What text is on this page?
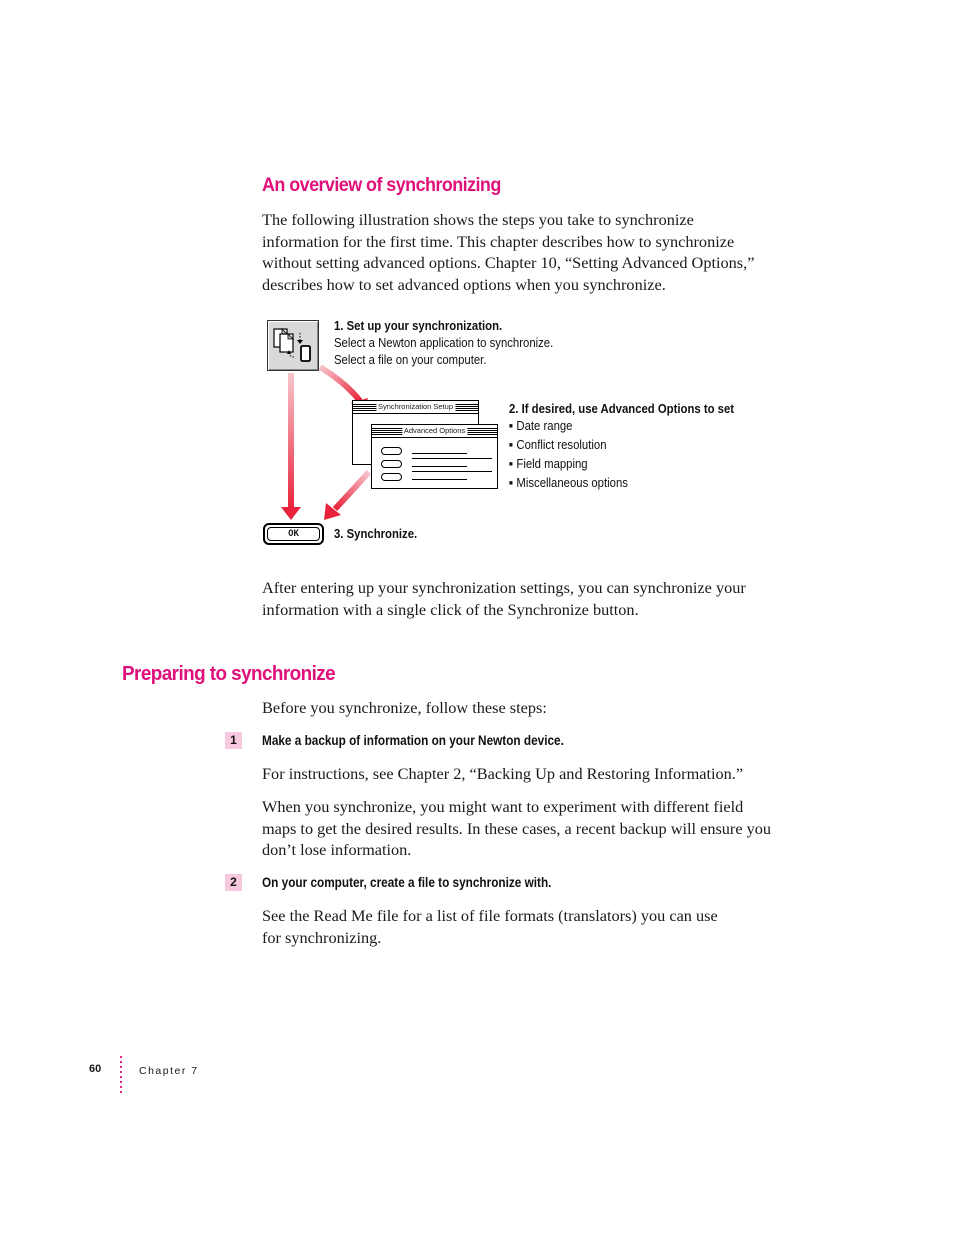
An overview of synchronizing

The following illustration shows the steps you take to synchronize

information for the first time. This chapter describes how to synchronize

without setting advanced options. Chapter 10, “Setting Advanced Options,”

describes how to set advanced options when you synchronize.

1. Set up your synchronization.
Select a Newton application to synchronize.
Select a file on your computer.
Synchronization Setup
Advanced Options
2. If desired, use Advanced Options to set
■ Date range
■ Conflict resolution
■ Field mapping
■ Miscellaneous options
OK	3. Synchronize.

After entering up your synchronization settings, you can synchronize your

information with a single click of the Synchronize button.

Preparing to synchronize
Before you synchronize, follow these steps:
1	Make a backup of information on your Newton device.

For instructions, see Chapter 2, “Backing Up and Restoring Information.”

When you synchronize, you might want to experiment with different field

maps to get the desired results. In these cases, a recent backup will ensure you

don’t lose information.

2	On your computer, create a file to synchronize with.

See the Read Me file for a list of file formats (translators) you can use

for synchronizing.

60	Chapter 7
